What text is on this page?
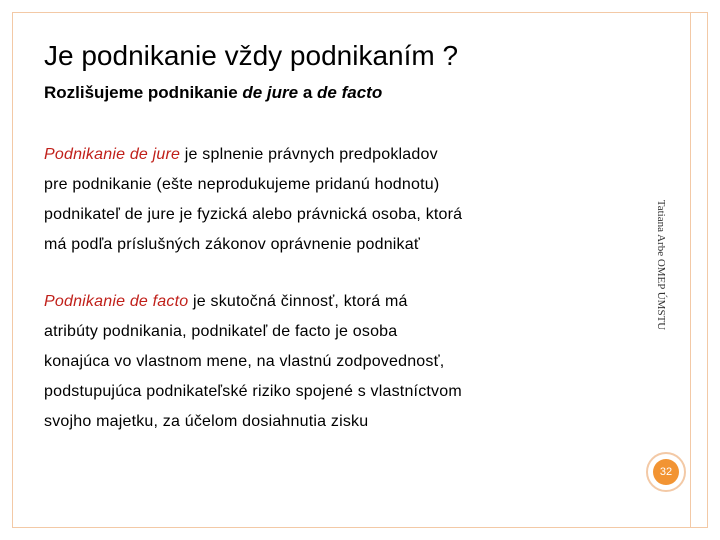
Je podnikanie vždy podnikaním ?
Rozlišujeme podnikanie de jure a de facto
Podnikanie de jure je splnenie právnych predpokladov
pre podnikanie (ešte neprodukujeme pridanú hodnotu)
podnikateľ de jure je fyzická alebo právnická osoba, ktorá
má podľa príslušných zákonov oprávnenie podnikať
Podnikanie de facto je skutočná činnosť, ktorá má
atribúty podnikania, podnikateľ de facto je osoba
konajúca vo vlastnom mene, na vlastnú zodpovednosť,
podstupujúca podnikateľské riziko spojené s vlastníctvom
svojho majetku, za účelom dosiahnutia zisku
Tatiana Arbe OMEP ÚMSTU
32
